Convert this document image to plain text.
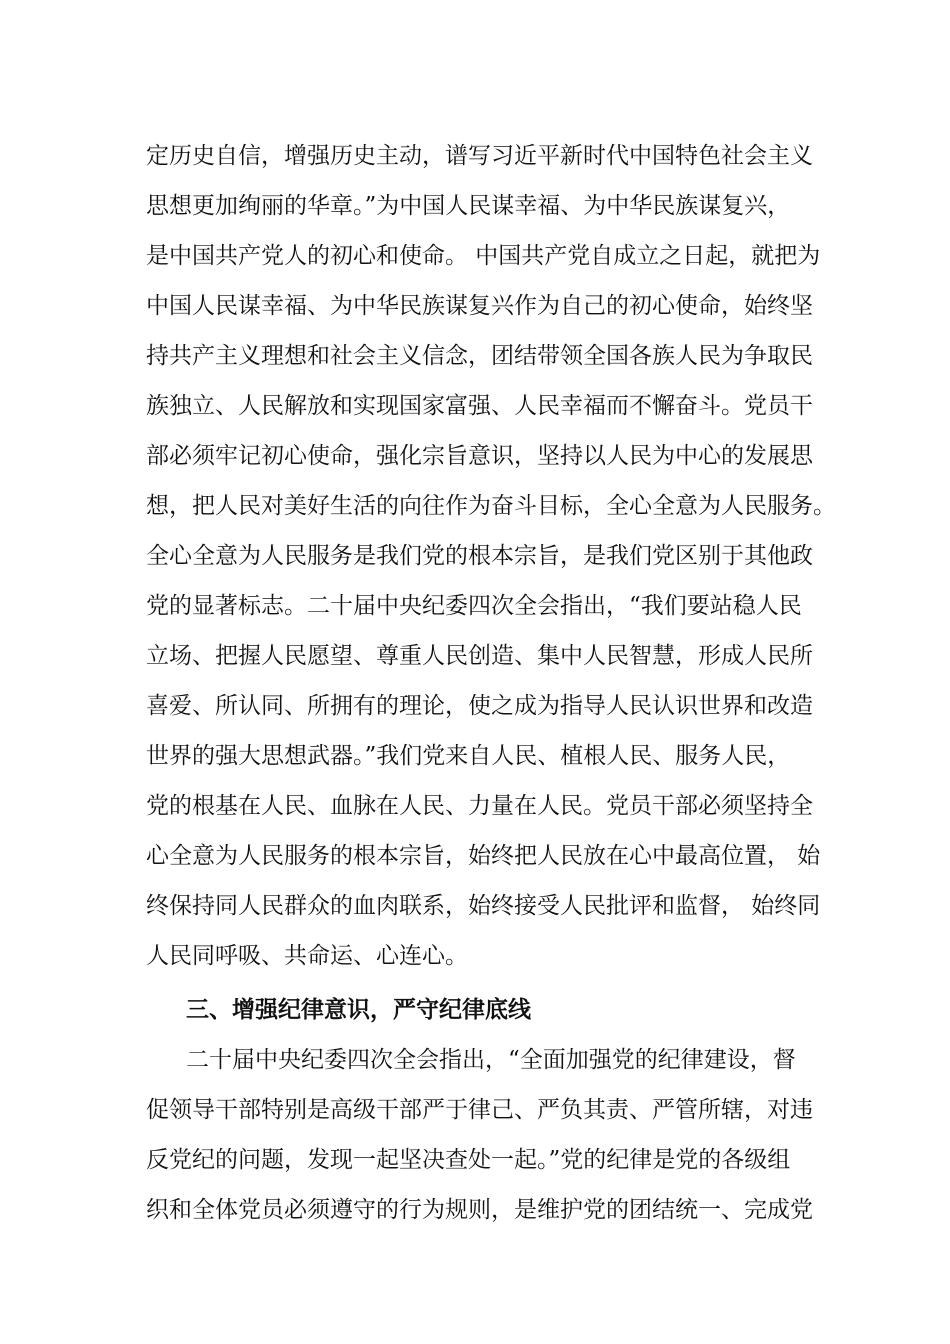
定历史自信，增强历史主动，谱写习近平新时代中国特色社会主义
思想更加绚丽的华章。”为中国人民谋幸福、为中华民族谋复兴，
是中国共产党人的初心和使命。 中国共产党自成立之日起，就把为
中国人民谋幸福、为中华民族谋复兴作为自己的初心使命，始终坚
持共产主义理想和社会主义信念，团结带领全国各族人民为争取民
族独立、人民解放和实现国家富强、人民幸福而不懈奋斗。党员干
部必须牢记初心使命，强化宗旨意识，坚持以人民为中心的发展思
想，把人民对美好生活的向往作为奋斗目标，全心全意为人民服务。
全心全意为人民服务是我们党的根本宗旨，是我们党区别于其他政
党的显著标志。二十届中央纪委四次全会指出，“我们要站稳人民
立场、把握人民愿望、尊重人民创造、集中人民智慧，形成人民所
喜爱、所认同、所拥有的理论，使之成为指导人民认识世界和改造
世界的强大思想武器。”我们党来自人民、植根人民、服务人民，
党的根基在人民、血脉在人民、力量在人民。党员干部必须坚持全
心全意为人民服务的根本宗旨，始终把人民放在心中最高位置， 始
终保持同人民群众的血肉联系，始终接受人民批评和监督， 始终同
人民同呼吸、共命运、心连心。
三、增强纪律意识，严守纪律底线
二十届中央纪委四次全会指出，“全面加强党的纪律建设，督
促领导干部特别是高级干部严于律己、严负其责、严管所辖，对违
反党纪的问题，发现一起坚决查处一起。”党的纪律是党的各级组
织和全体党员必须遵守的行为规则，是维护党的团结统一、完成党
